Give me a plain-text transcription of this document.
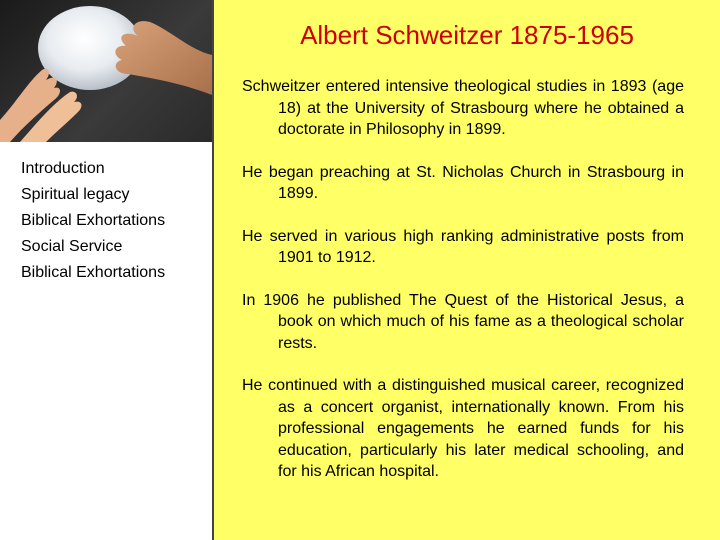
Introduction
Spiritual legacy
Biblical Exhortations
Social Service
Biblical Exhortations
Albert Schweitzer 1875-1965
Schweitzer entered intensive theological studies in 1893 (age 18) at the University of Strasbourg where he obtained a doctorate in Philosophy in 1899.
He began preaching at St. Nicholas Church in Strasbourg in 1899.
He served in various high ranking administrative posts from 1901 to 1912.
In 1906 he published The Quest of the Historical Jesus, a book on which much of his fame as a theological scholar rests.
He continued with a distinguished musical career, recognized as a concert organist, internationally known. From his professional engagements he earned funds for his education, particularly his later medical schooling, and for his African hospital.
